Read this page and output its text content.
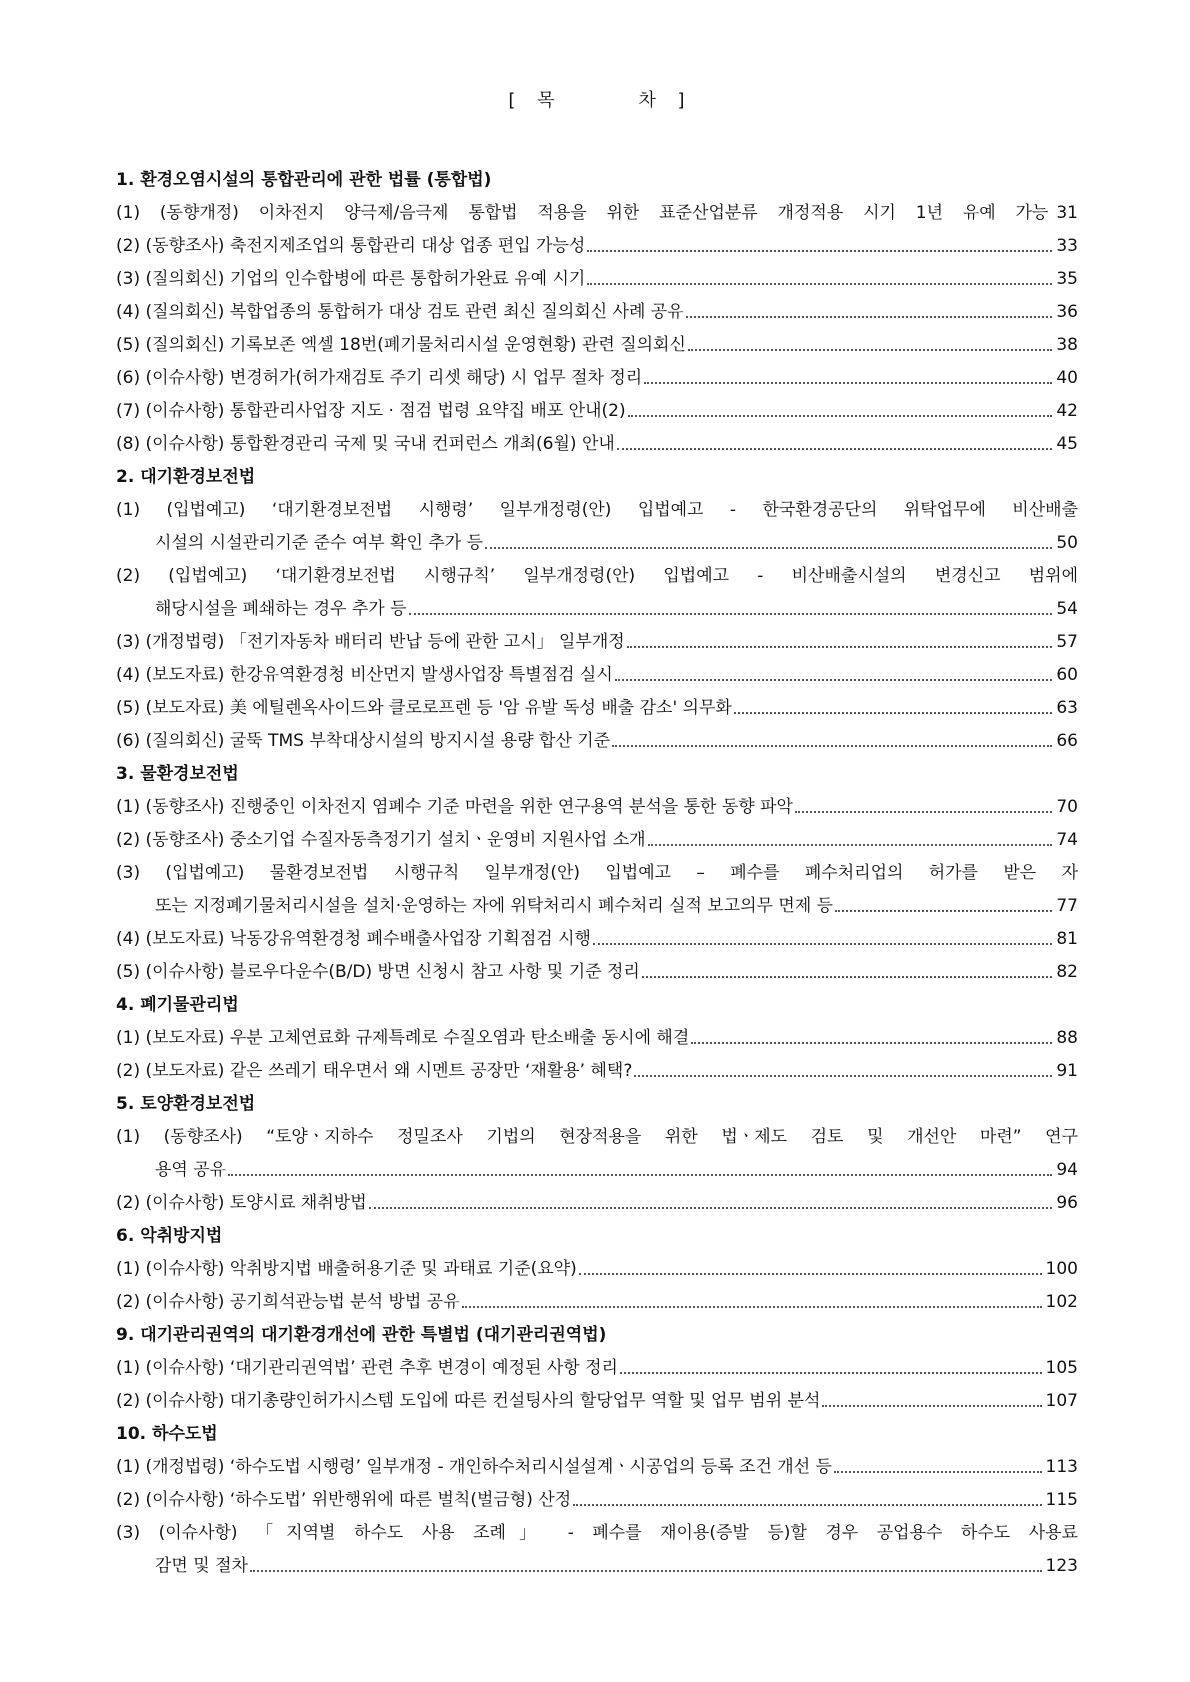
[ 목    차 ]
1. 환경오염시설의 통합관리에 관한 법률 (통합법)
(1) (동향개정) 이차전지 양극제/음극제 통합법 적용을 위한 표준산업분류 개정적용 시기 1년 유예 가능 31
(2) (동향조사) 축전지제조업의 통합관리 대상 업종 편입 가능성	33
(3) (질의회신) 기업의 인수합병에 따른 통합허가완료 유예 시기	35
(4) (질의회신) 복합업종의 통합허가 대상 검토 관련 최신 질의회신 사례 공유	36
(5) (질의회신) 기록보존 엑셀 18번(폐기물처리시설 운영현황) 관련 질의회신	38
(6) (이슈사항) 변경허가(허가재검토 주기 리셋 해당) 시 업무 절차 정리	40
(7) (이슈사항) 통합관리사업장 지도 · 점검 법령 요약집 배포 안내(2)	42
(8) (이슈사항) 통합환경관리 국제 및 국내 컨퍼런스 개최(6월) 안내	45
2. 대기환경보전법
(1) (입법예고) ‘대기환경보전법 시행령’ 일부개정령(안) 입법예고 - 한국환경공단의 위탁업무에 비산배출
시설의 시설관리기준 준수 여부 확인 추가 등	50
(2) (입법예고) ‘대기환경보전법 시행규칙’ 일부개정령(안) 입법예고 - 비산배출시설의 변경신고 범위에
해당시설을 폐쇄하는 경우 추가 등	54
(3) (개정법령) 「전기자동차 배터리 반납 등에 관한 고시」 일부개정	57
(4) (보도자료) 한강유역환경청 비산먼지 발생사업장 특별점검 실시	60
(5) (보도자료) 美 에틸렌옥사이드와 클로로프렌 등 '암 유발 독성 배출 감소' 의무화	63
(6) (질의회신) 굴뚝 TMS 부착대상시설의 방지시설 용량 합산 기준	66
3. 물환경보전법
(1) (동향조사) 진행중인 이차전지 염폐수 기준 마련을 위한 연구용역 분석을 통한 동향 파악	70
(2) (동향조사) 중소기업 수질자동측정기기 설치ㆍ운영비 지원사업 소개	74
(3) (입법예고) 물환경보전법 시행규칙 일부개정(안) 입법예고 – 폐수를 폐수처리업의 허가를 받은 자
또는 지정폐기물처리시설을 설치·운영하는 자에 위탁처리시 폐수처리 실적 보고의무 면제 등	77
(4) (보도자료) 낙동강유역환경청 폐수배출사업장 기획점검 시행	81
(5) (이슈사항) 블로우다운수(B/D) 방면 신청시 참고 사항 및 기준 정리	82
4. 폐기물관리법
(1) (보도자료) 우분 고체연료화 규제특례로 수질오염과 탄소배출 동시에 해결	88
(2) (보도자료) 같은 쓰레기 태우면서 왜 시멘트 공장만 ‘재활용’ 혜택?	91
5. 토양환경보전법
(1) (동향조사) “토양ㆍ지하수 정밀조사 기법의 현장적용을 위한 법ㆍ제도 검토 및 개선안 마련” 연구
용역 공유	94
(2) (이슈사항) 토양시료 채취방법	96
6. 악취방지법
(1) (이슈사항) 악취방지법 배출허용기준 및 과태료 기준(요약)	100
(2) (이슈사항) 공기희석관능법 분석 방법 공유	102
9. 대기관리권역의 대기환경개선에 관한 특별법 (대기관리권역법)
(1) (이슈사항) ‘대기관리권역법’ 관련 추후 변경이 예정된 사항 정리	105
(2) (이슈사항) 대기총량인허가시스템 도입에 따른 컨설팅사의 할당업무 역할 및 업무 범위 분석	107
10. 하수도법
(1) (개정법령) ‘하수도법 시행령’ 일부개정 - 개인하수처리시설설계ㆍ시공업의 등록 조건 개선 등	113
(2) (이슈사항) ‘하수도법’ 위반행위에 따른 벌칙(벌금형) 산정	115
(3) (이슈사항) 「지역별 하수도 사용 조례」 - 폐수를 재이용(증발 등)할 경우 공업용수 하수도 사용료
감면 및 절차	123
